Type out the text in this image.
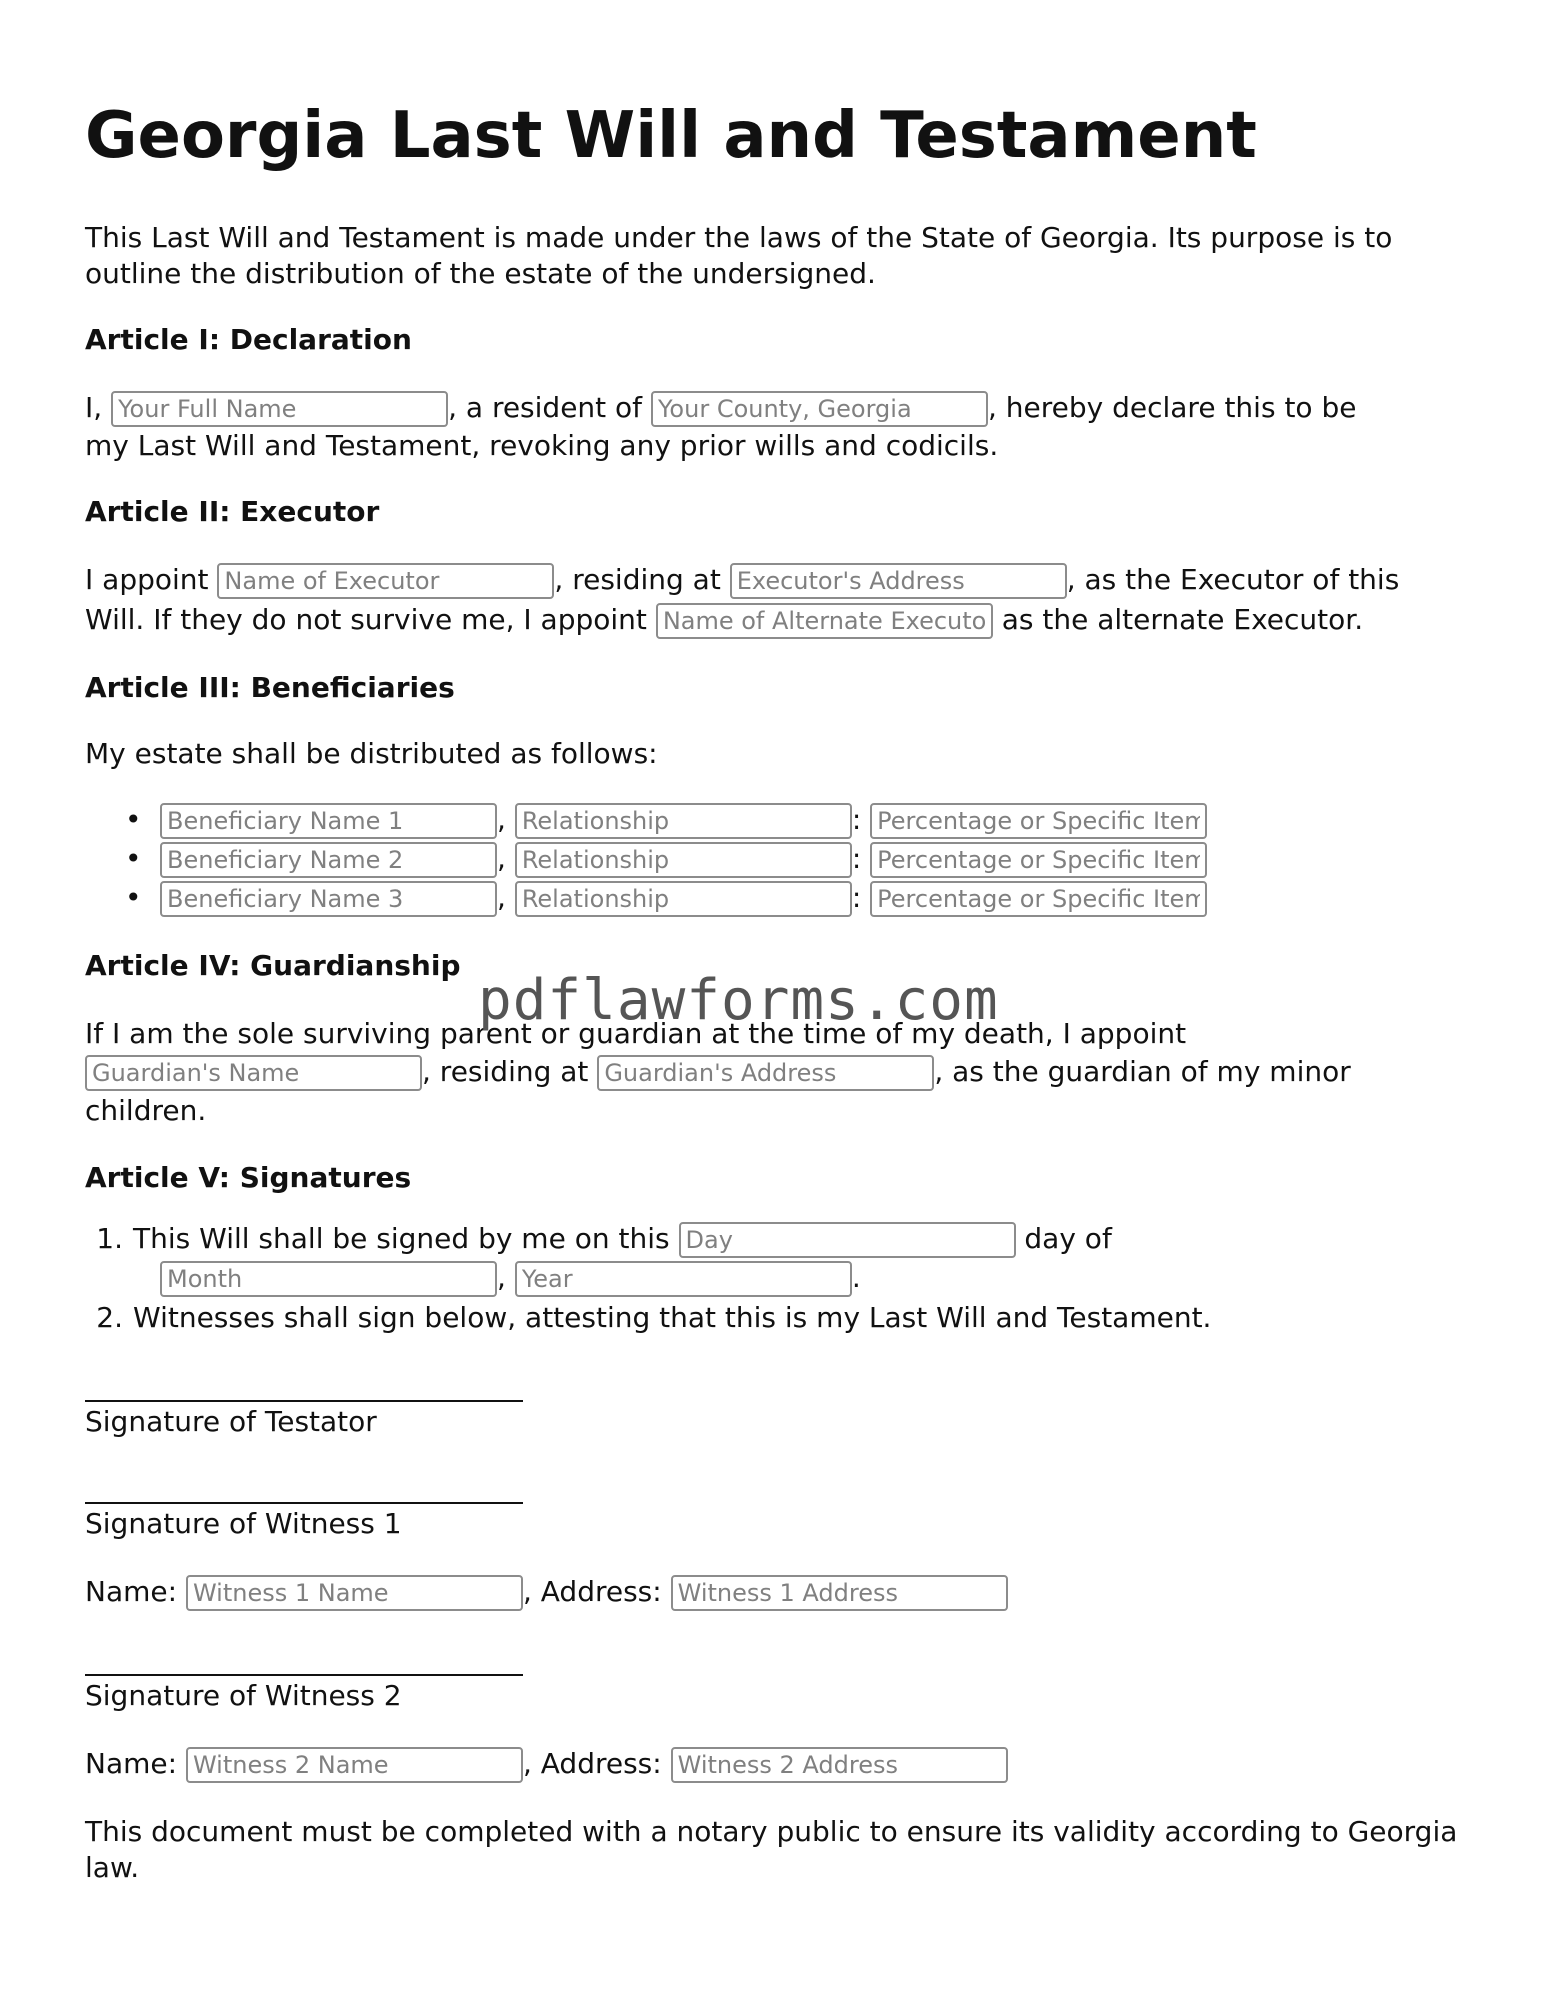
Georgia Last Will and Testament

This Last Will and Testament is made under the laws of the State of Georgia. Its purpose is to outline the distribution of the estate of the undersigned.

Article I: Declaration
I, Your Full Name	, a resident of Your County, Georgia	, hereby declare this to be
my Last Will and Testament, revoking any prior wills and codicils.
Article II: Executor
I appoint Name of Executor	, residing at Executor's Address	, as the Executor of this
Will. If they do not survive me, I appoint Name of Alternate Executor	as the alternate Executor.
Article III: Beneficiaries
My estate shall be distributed as follows:
•
Beneficiary Name 1	, Relationship	: Percentage or Specific Item
•
Beneficiary Name 2	, Relationship	: Percentage or Specific Item
•
Beneficiary Name 3	, Relationship	: Percentage or Specific Item
Article IV: Guardianship
If I am the sole surviving parent or guardian at the time of my death, I appoint
Guardian's Name, residing at Guardian's Address	, as the guardian of my minor
children.
Article V: Signatures
1. This Will shall be signed by me on this Day	day of
Month, Year	.
2. Witnesses shall sign below, attesting that this is my Last Will and Testament.
Signature of Testator
Signature of Witness 1
Name: Witness 1 Name	, Address: Witness 1 Address
Signature of Witness 2
Name: Witness 2 Name	, Address: Witness 2 Address

This document must be completed with a notary public to ensure its validity according to Georgia law.

pdflawforms.com
